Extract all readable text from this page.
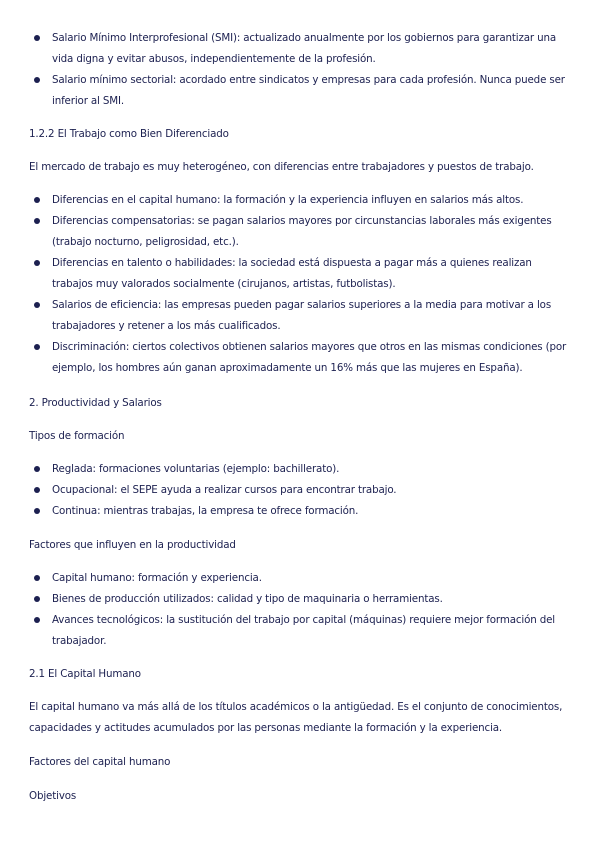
Salario Mínimo Interprofesional (SMI): actualizado anualmente por los gobiernos para garantizar una vida digna y evitar abusos, independientemente de la profesión.
Salario mínimo sectorial: acordado entre sindicatos y empresas para cada profesión. Nunca puede ser inferior al SMI.

1.2.2 El Trabajo como Bien Diferenciado

El mercado de trabajo es muy heterogéneo, con diferencias entre trabajadores y puestos de trabajo.

Diferencias en el capital humano: la formación y la experiencia influyen en salarios más altos.
Diferencias compensatorias: se pagan salarios mayores por circunstancias laborales más exigentes (trabajo nocturno, peligrosidad, etc.).
Diferencias en talento o habilidades: la sociedad está dispuesta a pagar más a quienes realizan trabajos muy valorados socialmente (cirujanos, artistas, futbolistas).
Salarios de eficiencia: las empresas pueden pagar salarios superiores a la media para motivar a los trabajadores y retener a los más cualificados.
Discriminación: ciertos colectivos obtienen salarios mayores que otros en las mismas condiciones (por ejemplo, los hombres aún ganan aproximadamente un 16% más que las mujeres en España).

2. Productividad y Salarios

Tipos de formación

Reglada: formaciones voluntarias (ejemplo: bachillerato).
Ocupacional: el SEPE ayuda a realizar cursos para encontrar trabajo.
Continua: mientras trabajas, la empresa te ofrece formación.

Factores que influyen en la productividad

Capital humano: formación y experiencia.
Bienes de producción utilizados: calidad y tipo de maquinaria o herramientas.
Avances tecnológicos: la sustitución del trabajo por capital (máquinas) requiere mejor formación del trabajador.

2.1 El Capital Humano

El capital humano va más allá de los títulos académicos o la antigüedad. Es el conjunto de conocimientos, capacidades y actitudes acumulados por las personas mediante la formación y la experiencia.

Factores del capital humano

Objetivos
